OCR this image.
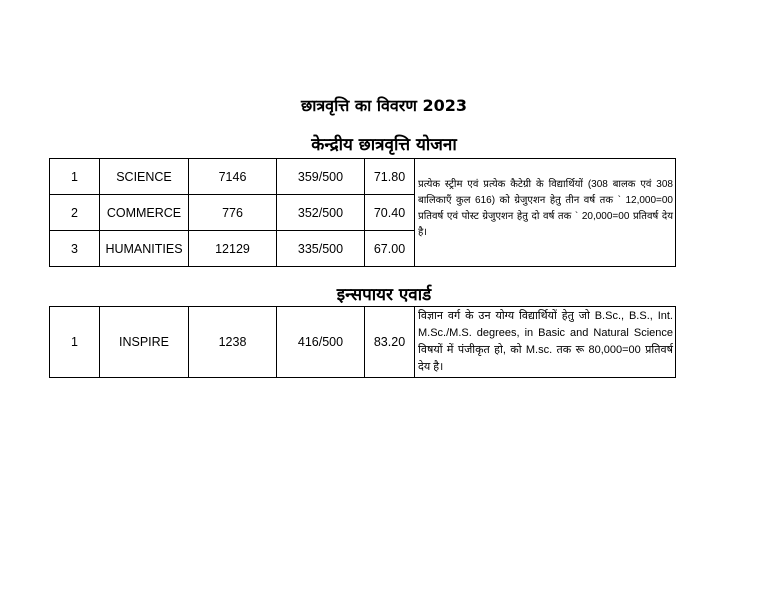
छात्रवृत्ति का विवरण 2023
केन्द्रीय छात्रवृत्ति योजना
1	SCIENCE	7146	359/500	71.80	प्रत्येक स्ट्रीम एवं प्रत्येक कैटेग्री के विद्यार्थियों (308 बालक एवं 308 बालिकाएँ कुल 616) को ग्रेजुएशन हेतु तीन वर्ष तक ` 12,000=00 प्रतिवर्ष एवं पोस्ट ग्रेजुएशन हेतु दो वर्ष तक ` 20,000=00 प्रतिवर्ष देय है।
2	COMMERCE	776	352/500	70.40	
3	HUMANITIES	12129	335/500	67.00	
इन्सपायर एवार्ड
1	INSPIRE	1238	416/500	83.20	विज्ञान वर्ग के उन योग्य विद्यार्थियों हेतु जो B.Sc., B.S., Int. M.Sc./M.S. degrees, in Basic and Natural Science विषयों में पंजीकृत हो, को M.sc. तक रू 80,000=00 प्रतिवर्ष देय है।
